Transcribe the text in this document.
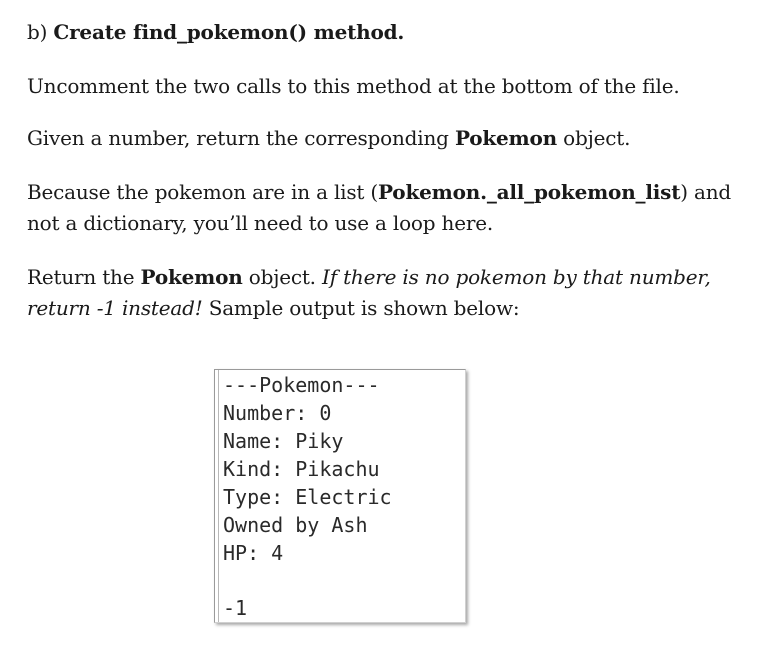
b) Create find_pokemon() method.
Uncomment the two calls to this method at the bottom of the file.
Given a number, return the corresponding Pokemon object.
Because the pokemon are in a list (Pokemon._all_pokemon_list) and
not a dictionary, you’ll need to use a loop here.
Return the Pokemon object. If there is no pokemon by that number,
return -1 instead! Sample output is shown below:
---Pokemon---
Number: 0
Name: Piky
Kind: Pikachu
Type: Electric
Owned by Ash
HP: 4
-1
